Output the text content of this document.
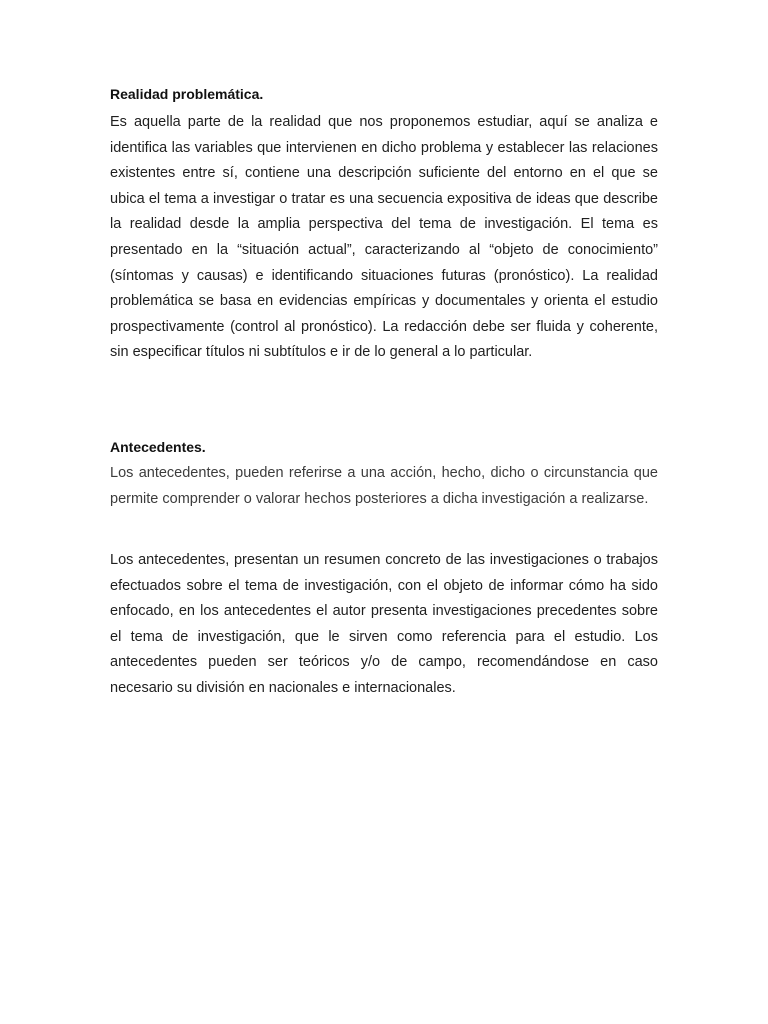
Realidad problemática.

Es aquella parte de la realidad que nos proponemos estudiar, aquí se analiza e identifica las variables que intervienen en dicho problema y establecer las relaciones existentes entre sí, contiene una descripción suficiente del entorno en el que se ubica el tema a investigar o tratar es una secuencia expositiva de ideas que describe la realidad desde la amplia perspectiva del tema de investigación. El tema es presentado en la “situación actual”, caracterizando al “objeto de conocimiento” (síntomas y causas) e identificando situaciones futuras (pronóstico). La realidad problemática se basa en evidencias empíricas y documentales y orienta el estudio prospectivamente (control al pronóstico). La redacción debe ser fluida y coherente, sin especificar títulos ni subtítulos e ir de lo general a lo particular.

Antecedentes.

Los antecedentes, pueden referirse a una acción, hecho, dicho o circunstancia que permite comprender o valorar hechos posteriores a dicha investigación a realizarse.

Los antecedentes, presentan un resumen concreto de las investigaciones o trabajos efectuados sobre el tema de investigación, con el objeto de informar cómo ha sido enfocado, en los antecedentes el autor presenta investigaciones precedentes sobre el tema de investigación, que le sirven como referencia para el estudio. Los antecedentes pueden ser teóricos y/o de campo, recomendándose en caso necesario su división en nacionales e internacionales.
